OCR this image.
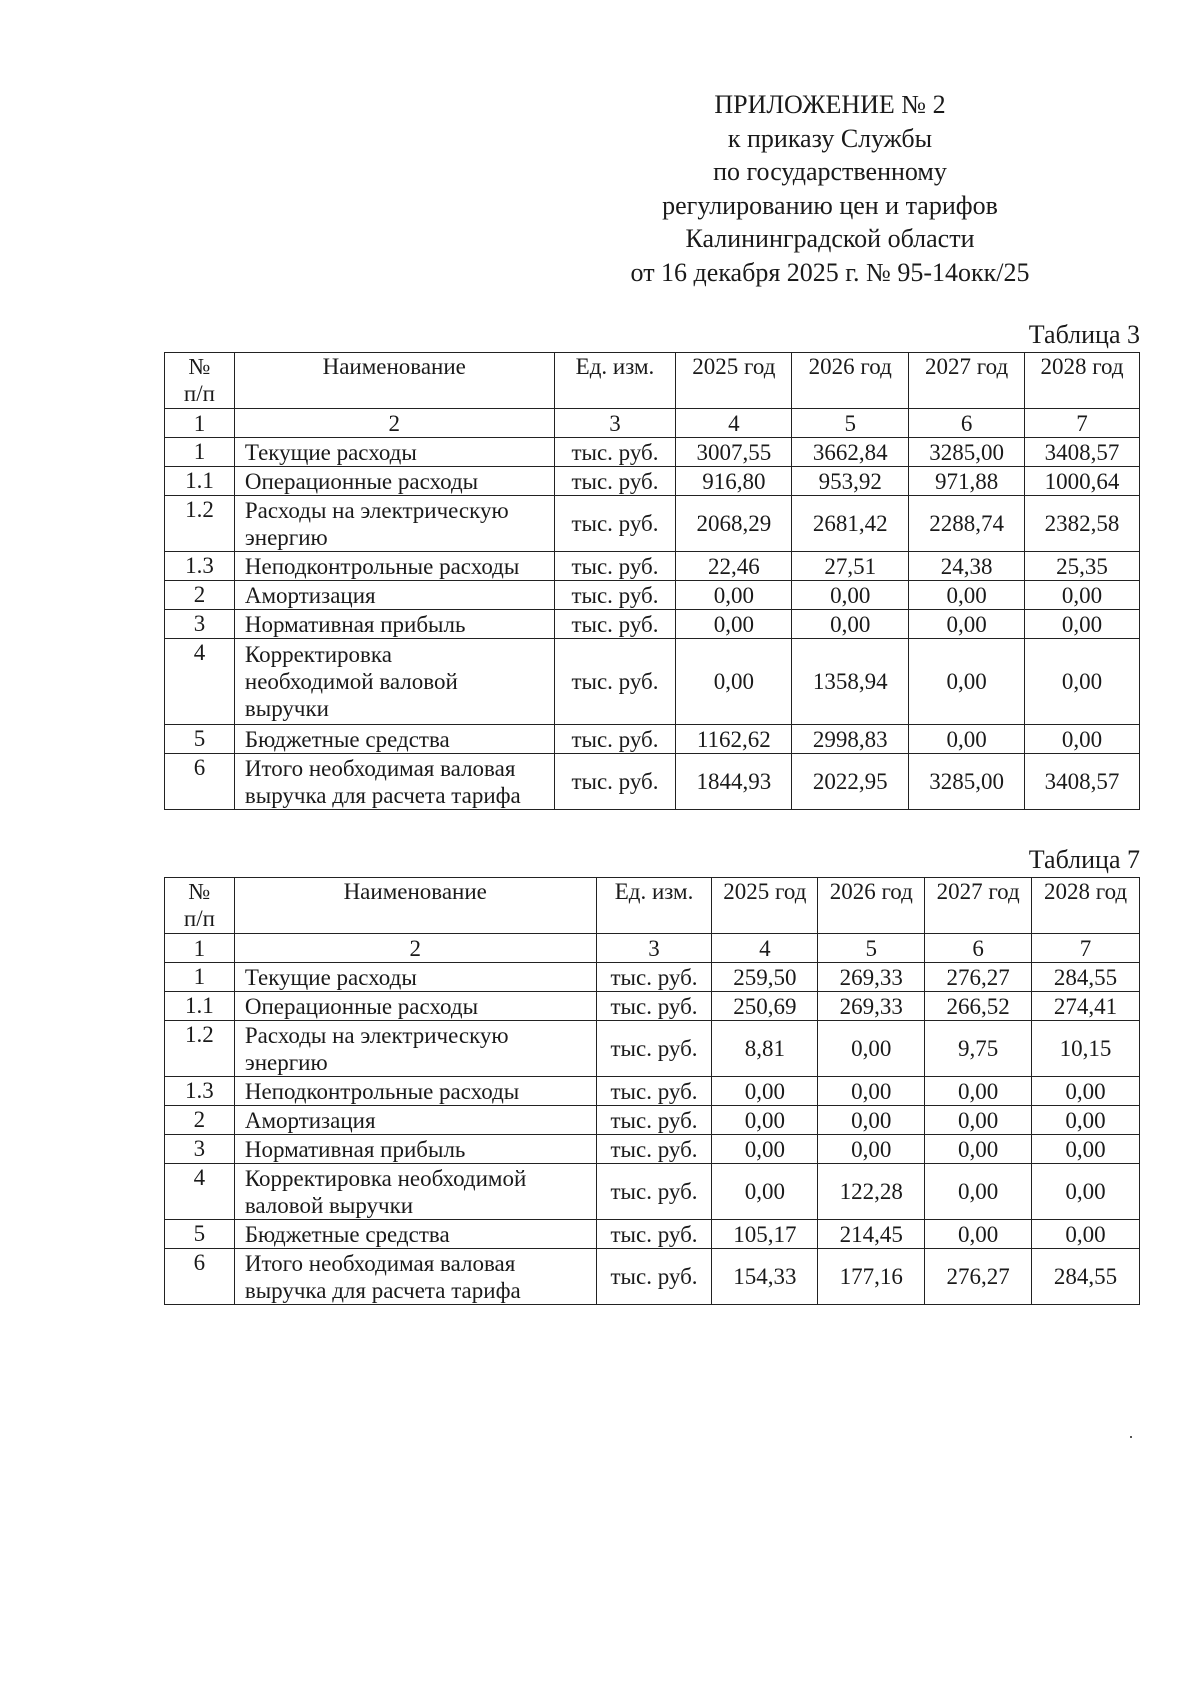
ПРИЛОЖЕНИЕ № 2
к приказу Службы
по государственному
регулированию цен и тарифов
Калининградской области
от 16 декабря 2025 г. № 95-14окк/25
Таблица 3
№ п/п	Наименование	Ед. изм.	2025 год	2026 год	2027 год	2028 год
1	2	3	4	5	6	7
1	Текущие расходы	тыс. руб.	3007,55	3662,84	3285,00	3408,57
1.1	Операционные расходы	тыс. руб.	916,80	953,92	971,88	1000,64
1.2	Расходы на электрическую энергию	тыс. руб.	2068,29	2681,42	2288,74	2382,58
1.3	Неподконтрольные расходы	тыс. руб.	22,46	27,51	24,38	25,35
2	Амортизация	тыс. руб.	0,00	0,00	0,00	0,00
3	Нормативная прибыль	тыс. руб.	0,00	0,00	0,00	0,00
4	Корректировка необходимой валовой выручки	тыс. руб.	0,00	1358,94	0,00	0,00
5	Бюджетные средства	тыс. руб.	1162,62	2998,83	0,00	0,00
6	Итого необходимая валовая выручка для расчета тарифа	тыс. руб.	1844,93	2022,95	3285,00	3408,57
Таблица 7
№ п/п	Наименование	Ед. изм.	2025 год	2026 год	2027 год	2028 год
1	2	3	4	5	6	7
1	Текущие расходы	тыс. руб.	259,50	269,33	276,27	284,55
1.1	Операционные расходы	тыс. руб.	250,69	269,33	266,52	274,41
1.2	Расходы на электрическую энергию	тыс. руб.	8,81	0,00	9,75	10,15
1.3	Неподконтрольные расходы	тыс. руб.	0,00	0,00	0,00	0,00
2	Амортизация	тыс. руб.	0,00	0,00	0,00	0,00
3	Нормативная прибыль	тыс. руб.	0,00	0,00	0,00	0,00
4	Корректировка необходимой валовой выручки	тыс. руб.	0,00	122,28	0,00	0,00
5	Бюджетные средства	тыс. руб.	105,17	214,45	0,00	0,00
6	Итого необходимая валовая выручка для расчета тарифа	тыс. руб.	154,33	177,16	276,27	284,55
